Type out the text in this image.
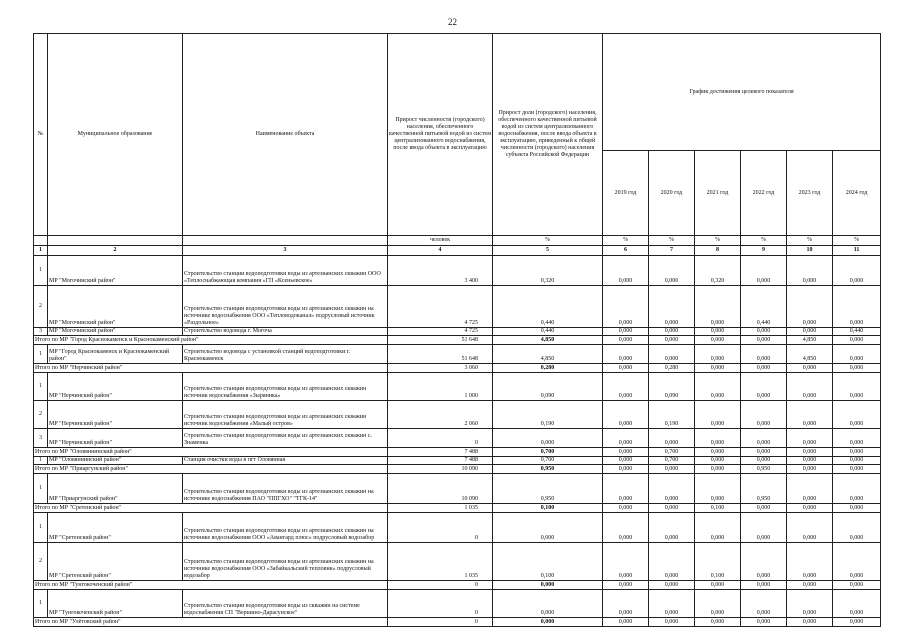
22
№	Муниципальное образование	Наименование объекта	Прирост численности (городского) населения, обеспеченного качественной питьевой водой из систем централизованного водоснабжения, после ввода объекта в эксплуатацию	Прирост доли (городского) населения, обеспеченного качественной питьевой водой из систем централизованного водоснабжения, после ввода объекта в эксплуатацию, приведенный к общей численности (городского) населения субъекта Российской Федерации	График достижения целевого показателя					
					2019 год	2020 год	2021 год	2022 год	2023 год	2024 год
			человек	%	%	%	%	%	%	%
1	2	3	4	5	6	7	8	9	10	11
1	МР "Могочинский район"	Строительство станции водоподготовки воды из артезианских скважин ООО «Теплоснабжающая компания «ГП «Ксеньевское»	3 400	0,320	0,000	0,000	0,320	0,000	0,000	0,000
2	МР "Могочинский район"	Строительство станции водоподготовки воды из артезианских скважин на источнике водоснабжения ООО «Тепловодоканал» подрусловый источник «Раздольное»	4 725	0,440	0,000	0,000	0,000	0,440	0,000	0,000
3	МР "Могочинский район"	Строительство водовода г. Могоча	4 725	0,440	0,000	0,000	0,000	0,000	0,000	0,440
Итого по МР "Город Краснокаменск и Краснокаменский район"			51 648	4,850	0,000	0,000	0,000	0,000	4,850	0,000
1	МР "Город Краснокаменск и Краснокаменский район"	Строительство водовода с установкой станций водоподготовки г. Краснокаменск	51 648	4,850	0,000	0,000	0,000	0,000	4,850	0,000
Итого по МР "Нерчинский район"			3 060	0,280	0,000	0,280	0,000	0,000	0,000	0,000
1	МР "Нерчинский район"	Строительство станции водоподготовки воды из артезианских скважин источник водоснабжения «Зыряника»	1 000	0,090	0,000	0,090	0,000	0,000	0,000	0,000
2	МР "Нерчинский район"	Строительство станции водоподготовки воды из артезианских скважин источник водоснабжения «Малый остров»	2 060	0,190	0,000	0,190	0,000	0,000	0,000	0,000
3	МР "Нерчинский район"	Строительство станции водоподготовки воды из артезианских скважин с. Знаменка	0	0,000	0,000	0,000	0,000	0,000	0,000	0,000
Итого по МР "Оловяннинский район"			7 488	0,700	0,000	0,700	0,000	0,000	0,000	0,000
1	МР "Оловяннинский район"	Станция очистки воды в пгт Оловянная	7 488	0,700	0,000	0,700	0,000	0,000	0,000	0,000
Итого по МР "Приаргунский район"			10 090	0,950	0,000	0,000	0,000	0,950	0,000	0,000
1	МР "Приаргунский район"	Строительство станции водоподготовки воды из артезианских скважин на источнике водоснабжения ПАО "ППГХО" "ТГК-14"	10 090	0,950	0,000	0,000	0,000	0,950	0,000	0,000
Итого по МР "Сретенский район"			1 035	0,100	0,000	0,000	0,100	0,000	0,000	0,000
1	МР "Сретенский район"	Строительство станции водоподготовки воды из артезианских скважин на источнике водоснабжения ООО «Авангард плюс» подрусловый водозабор	0	0,000	0,000	0,000	0,000	0,000	0,000	0,000
2	МР "Сретенский район"	Строительство станции водоподготовки воды из артезианских скважин на источнике водоснабжения ООО «Забайкальский тепловик» подрусловый водозабор	1 035	0,100	0,000	0,000	0,100	0,000	0,000	0,000
Итого по МР "Тунгокоченский район"			0	0,000	0,000	0,000	0,000	0,000	0,000	0,000
1	МР "Тунгокоченский район"	Строительство станции водоподготовки воды из скважин на системе водоснабжения СП "Вершино-Дарасунское"	0	0,000	0,000	0,000	0,000	0,000	0,000	0,000
Итого по МР "Улётовский район"			0	0,000	0,000	0,000	0,000	0,000	0,000	0,000
